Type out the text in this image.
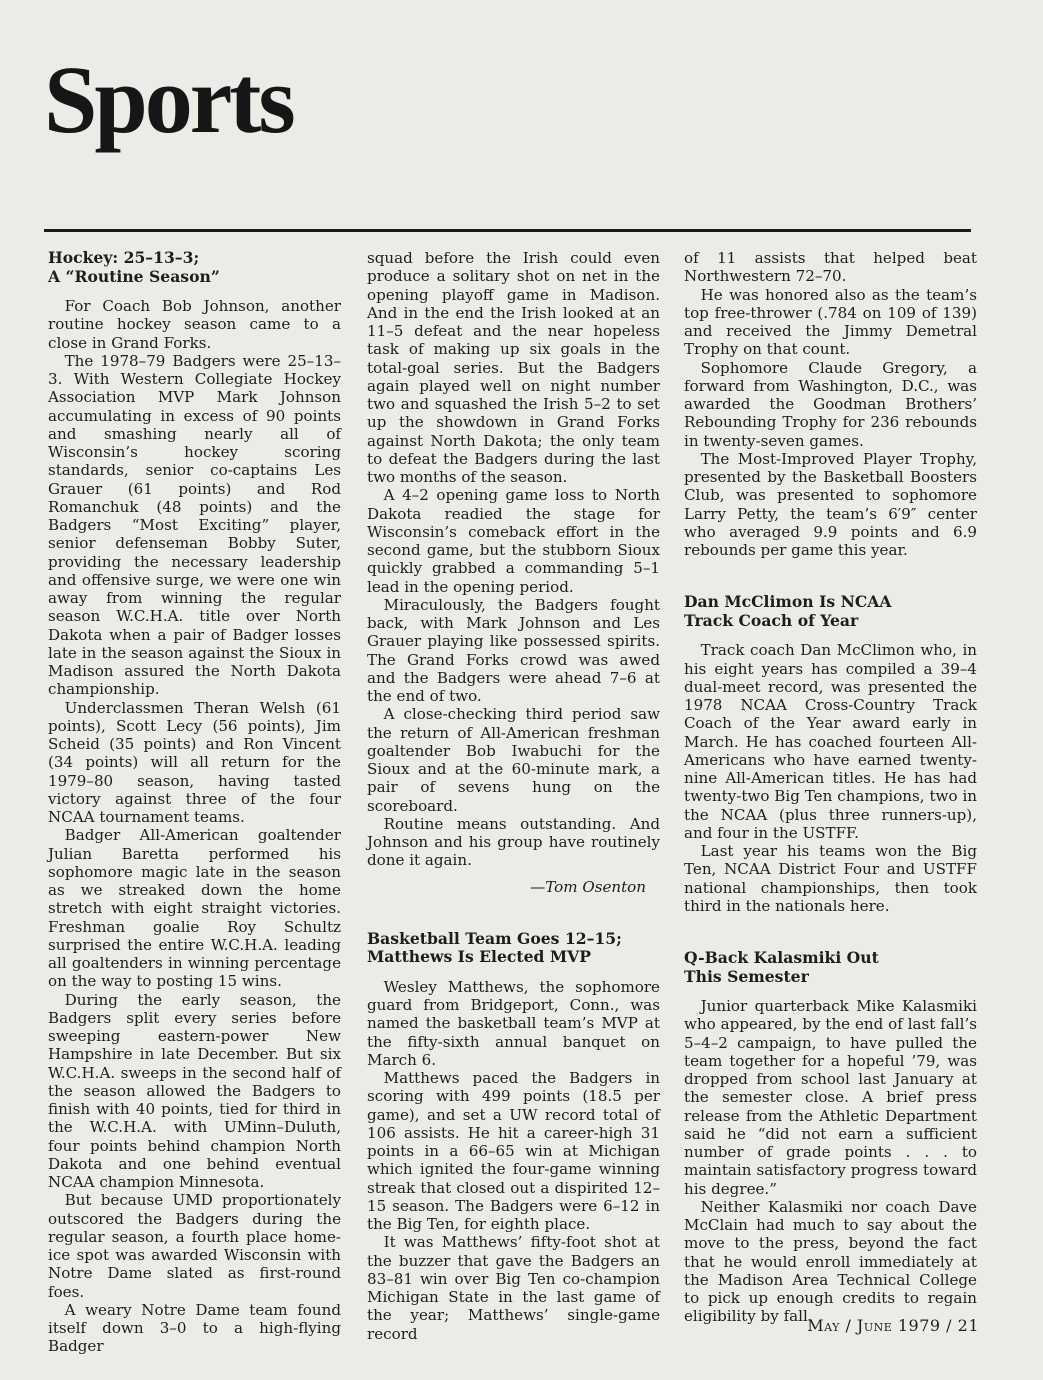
Sports
Hockey: 25–13–3;
A “Routine Season”

For Coach Bob Johnson, another routine hockey season came to a close in Grand Forks.

The 1978–79 Badgers were 25–13–3. With Western Collegiate Hockey Association MVP Mark Johnson accumulating in excess of 90 points and smashing nearly all of Wisconsin’s hockey scoring standards, senior co-captains Les Grauer (61 points) and Rod Romanchuk (48 points) and the Badgers “Most Exciting” player, senior defenseman Bobby Suter, providing the necessary leadership and offensive surge, we were one win away from winning the regular season W.C.H.A. title over North Dakota when a pair of Badger losses late in the season against the Sioux in Madison assured the North Dakota championship.

Underclassmen Theran Welsh (61 points), Scott Lecy (56 points), Jim Scheid (35 points) and Ron Vincent (34 points) will all return for the 1979–80 season, having tasted victory against three of the four NCAA tournament teams.

Badger All-American goaltender Julian Baretta performed his sophomore magic late in the season as we streaked down the home stretch with eight straight victories. Freshman goalie Roy Schultz surprised the entire W.C.H.A. leading all goaltenders in winning percentage on the way to posting 15 wins.

During the early season, the Badgers split every series before sweeping eastern-power New Hampshire in late December. But six W.C.H.A. sweeps in the second half of the season allowed the Badgers to finish with 40 points, tied for third in the W.C.H.A. with UMinn–Duluth, four points behind champion North Dakota and one behind eventual NCAA champion Minnesota.

But because UMD proportionately outscored the Badgers during the regular season, a fourth place home-ice spot was awarded Wisconsin with Notre Dame slated as first-round foes.

A weary Notre Dame team found itself down 3–0 to a high-flying Badger

squad before the Irish could even produce a solitary shot on net in the opening playoff game in Madison. And in the end the Irish looked at an 11–5 defeat and the near hopeless task of making up six goals in the total-goal series. But the Badgers again played well on night number two and squashed the Irish 5–2 to set up the showdown in Grand Forks against North Dakota; the only team to defeat the Badgers during the last two months of the season.

A 4–2 opening game loss to North Dakota readied the stage for Wisconsin’s comeback effort in the second game, but the stubborn Sioux quickly grabbed a commanding 5–1 lead in the opening period.

Miraculously, the Badgers fought back, with Mark Johnson and Les Grauer playing like possessed spirits. The Grand Forks crowd was awed and the Badgers were ahead 7–6 at the end of two.

A close-checking third period saw the return of All-American freshman goaltender Bob Iwabuchi for the Sioux and at the 60-minute mark, a pair of sevens hung on the scoreboard.

Routine means outstanding. And Johnson and his group have routinely done it again.

—Tom Osenton
Basketball Team Goes 12–15;
Matthews Is Elected MVP

Wesley Matthews, the sophomore guard from Bridgeport, Conn., was named the basketball team’s MVP at the fifty-sixth annual banquet on March 6.

Matthews paced the Badgers in scoring with 499 points (18.5 per game), and set a UW record total of 106 assists. He hit a career-high 31 points in a 66–65 win at Michigan which ignited the four-game winning streak that closed out a dispirited 12–15 season. The Badgers were 6–12 in the Big Ten, for eighth place.

It was Matthews’ fifty-foot shot at the buzzer that gave the Badgers an 83–81 win over Big Ten co-champion Michigan State in the last game of the year; Matthews’ single-game record

of 11 assists that helped beat Northwestern 72–70.

He was honored also as the team’s top free-thrower (.784 on 109 of 139) and received the Jimmy Demetral Trophy on that count.

Sophomore Claude Gregory, a forward from Washington, D.C., was awarded the Goodman Brothers’ Rebounding Trophy for 236 rebounds in twenty-seven games.

The Most-Improved Player Trophy, presented by the Basketball Boosters Club, was presented to sophomore Larry Petty, the team’s 6′9″ center who averaged 9.9 points and 6.9 rebounds per game this year.

Dan McClimon Is NCAA
Track Coach of Year

Track coach Dan McClimon who, in his eight years has compiled a 39–4 dual-meet record, was presented the 1978 NCAA Cross-Country Track Coach of the Year award early in March. He has coached fourteen All-Americans who have earned twenty-nine All-American titles. He has had twenty-two Big Ten champions, two in the NCAA (plus three runners-up), and four in the USTFF.

Last year his teams won the Big Ten, NCAA District Four and USTFF national championships, then took third in the nationals here.

Q-Back Kalasmiki Out
This Semester

Junior quarterback Mike Kalasmiki who appeared, by the end of last fall’s 5–4–2 campaign, to have pulled the team together for a hopeful ’79, was dropped from school last January at the semester close. A brief press release from the Athletic Department said he “did not earn a sufficient number of grade points . . . to maintain satisfactory progress toward his degree.”

Neither Kalasmiki nor coach Dave McClain had much to say about the move to the press, beyond the fact that he would enroll immediately at the Madison Area Technical College to pick up enough credits to regain eligibility by fall.

May / June 1979 / 21
